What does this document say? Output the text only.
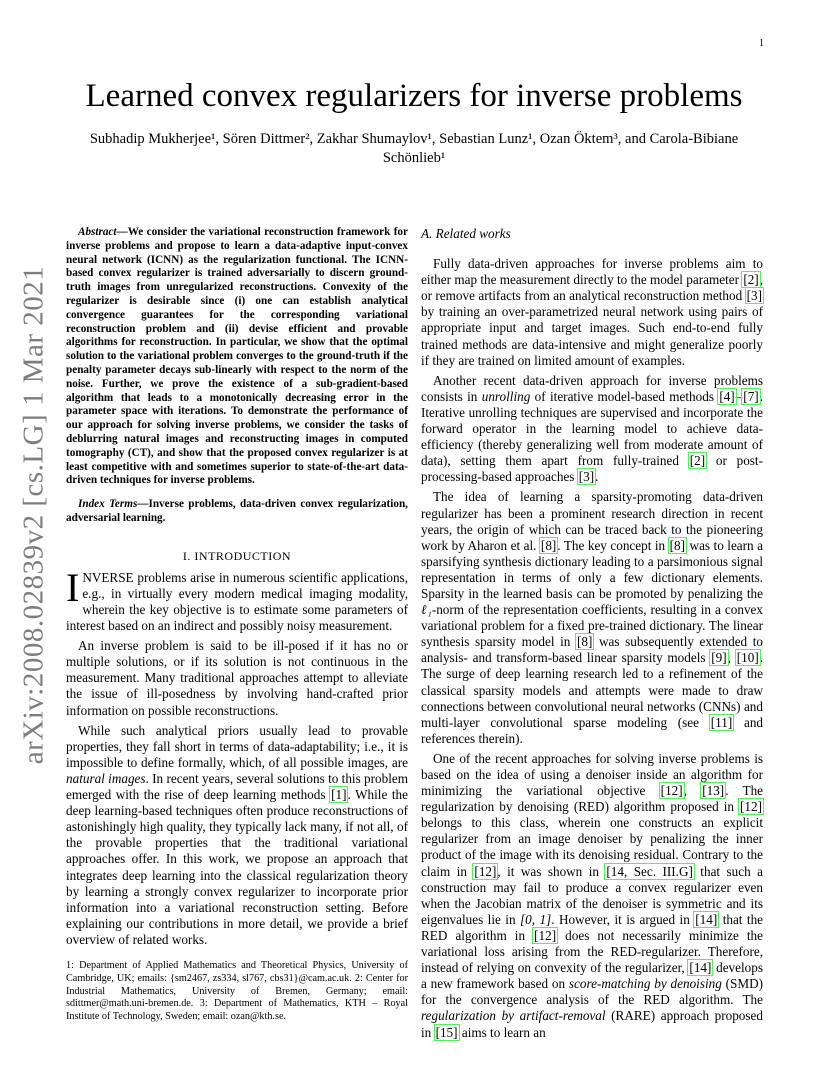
1
arXiv:2008.02839v2 [cs.LG] 1 Mar 2021
Learned convex regularizers for inverse problems
Subhadip Mukherjee¹, Sören Dittmer², Zakhar Shumaylov¹, Sebastian Lunz¹, Ozan Öktem³, and Carola-Bibiane Schönlieb¹
Abstract—We consider the variational reconstruction framework for inverse problems and propose to learn a data-adaptive input-convex neural network (ICNN) as the regularization functional. The ICNN-based convex regularizer is trained adversarially to discern ground-truth images from unregularized reconstructions. Convexity of the regularizer is desirable since (i) one can establish analytical convergence guarantees for the corresponding variational reconstruction problem and (ii) devise efficient and provable algorithms for reconstruction. In particular, we show that the optimal solution to the variational problem converges to the ground-truth if the penalty parameter decays sub-linearly with respect to the norm of the noise. Further, we prove the existence of a sub-gradient-based algorithm that leads to a monotonically decreasing error in the parameter space with iterations. To demonstrate the performance of our approach for solving inverse problems, we consider the tasks of deblurring natural images and reconstructing images in computed tomography (CT), and show that the proposed convex regularizer is at least competitive with and sometimes superior to state-of-the-art data-driven techniques for inverse problems.
Index Terms—Inverse problems, data-driven convex regularization, adversarial learning.
I. INTRODUCTION

INVERSE problems arise in numerous scientific applications, e.g., in virtually every modern medical imaging modality, wherein the key objective is to estimate some parameters of interest based on an indirect and possibly noisy measurement.

An inverse problem is said to be ill-posed if it has no or multiple solutions, or if its solution is not continuous in the measurement. Many traditional approaches attempt to alleviate the issue of ill-posedness by involving hand-crafted prior information on possible reconstructions.

While such analytical priors usually lead to provable properties, they fall short in terms of data-adaptability; i.e., it is impossible to define formally, which, of all possible images, are natural images. In recent years, several solutions to this problem emerged with the rise of deep learning methods [1]. While the deep learning-based techniques often produce reconstructions of astonishingly high quality, they typically lack many, if not all, of the provable properties that the traditional variational approaches offer. In this work, we propose an approach that integrates deep learning into the classical regularization theory by learning a strongly convex regularizer to incorporate prior information into a variational reconstruction setting. Before explaining our contributions in more detail, we provide a brief overview of related works.

1: Department of Applied Mathematics and Theoretical Physics, University of Cambridge, UK; emails: {sm2467, zs334, sl767, cbs31}@cam.ac.uk. 2: Center for Industrial Mathematics, University of Bremen, Germany; email: sdittmer@math.uni-bremen.de. 3: Department of Mathematics, KTH – Royal Institute of Technology, Sweden; email: ozan@kth.se.
A. Related works

Fully data-driven approaches for inverse problems aim to either map the measurement directly to the model parameter [2], or remove artifacts from an analytical reconstruction method [3] by training an over-parametrized neural network using pairs of appropriate input and target images. Such end-to-end fully trained methods are data-intensive and might generalize poorly if they are trained on limited amount of examples.

Another recent data-driven approach for inverse problems consists in unrolling of iterative model-based methods [4]–[7]. Iterative unrolling techniques are supervised and incorporate the forward operator in the learning model to achieve data-efficiency (thereby generalizing well from moderate amount of data), setting them apart from fully-trained [2] or post-processing-based approaches [3].

The idea of learning a sparsity-promoting data-driven regularizer has been a prominent research direction in recent years, the origin of which can be traced back to the pioneering work by Aharon et al. [8]. The key concept in [8] was to learn a sparsifying synthesis dictionary leading to a parsimonious signal representation in terms of only a few dictionary elements. Sparsity in the learned basis can be promoted by penalizing the ℓ₁-norm of the representation coefficients, resulting in a convex variational problem for a fixed pre-trained dictionary. The linear synthesis sparsity model in [8] was subsequently extended to analysis- and transform-based linear sparsity models [9], [10]. The surge of deep learning research led to a refinement of the classical sparsity models and attempts were made to draw connections between convolutional neural networks (CNNs) and multi-layer convolutional sparse modeling (see [11] and references therein).

One of the recent approaches for solving inverse problems is based on the idea of using a denoiser inside an algorithm for minimizing the variational objective [12], [13]. The regularization by denoising (RED) algorithm proposed in [12] belongs to this class, wherein one constructs an explicit regularizer from an image denoiser by penalizing the inner product of the image with its denoising residual. Contrary to the claim in [12], it was shown in [14, Sec. III.G] that such a construction may fail to produce a convex regularizer even when the Jacobian matrix of the denoiser is symmetric and its eigenvalues lie in [0, 1]. However, it is argued in [14] that the RED algorithm in [12] does not necessarily minimize the variational loss arising from the RED-regularizer. Therefore, instead of relying on convexity of the regularizer, [14] develops a new framework based on score-matching by denoising (SMD) for the convergence analysis of the RED algorithm. The regularization by artifact-removal (RARE) approach proposed in [15] aims to learn an
